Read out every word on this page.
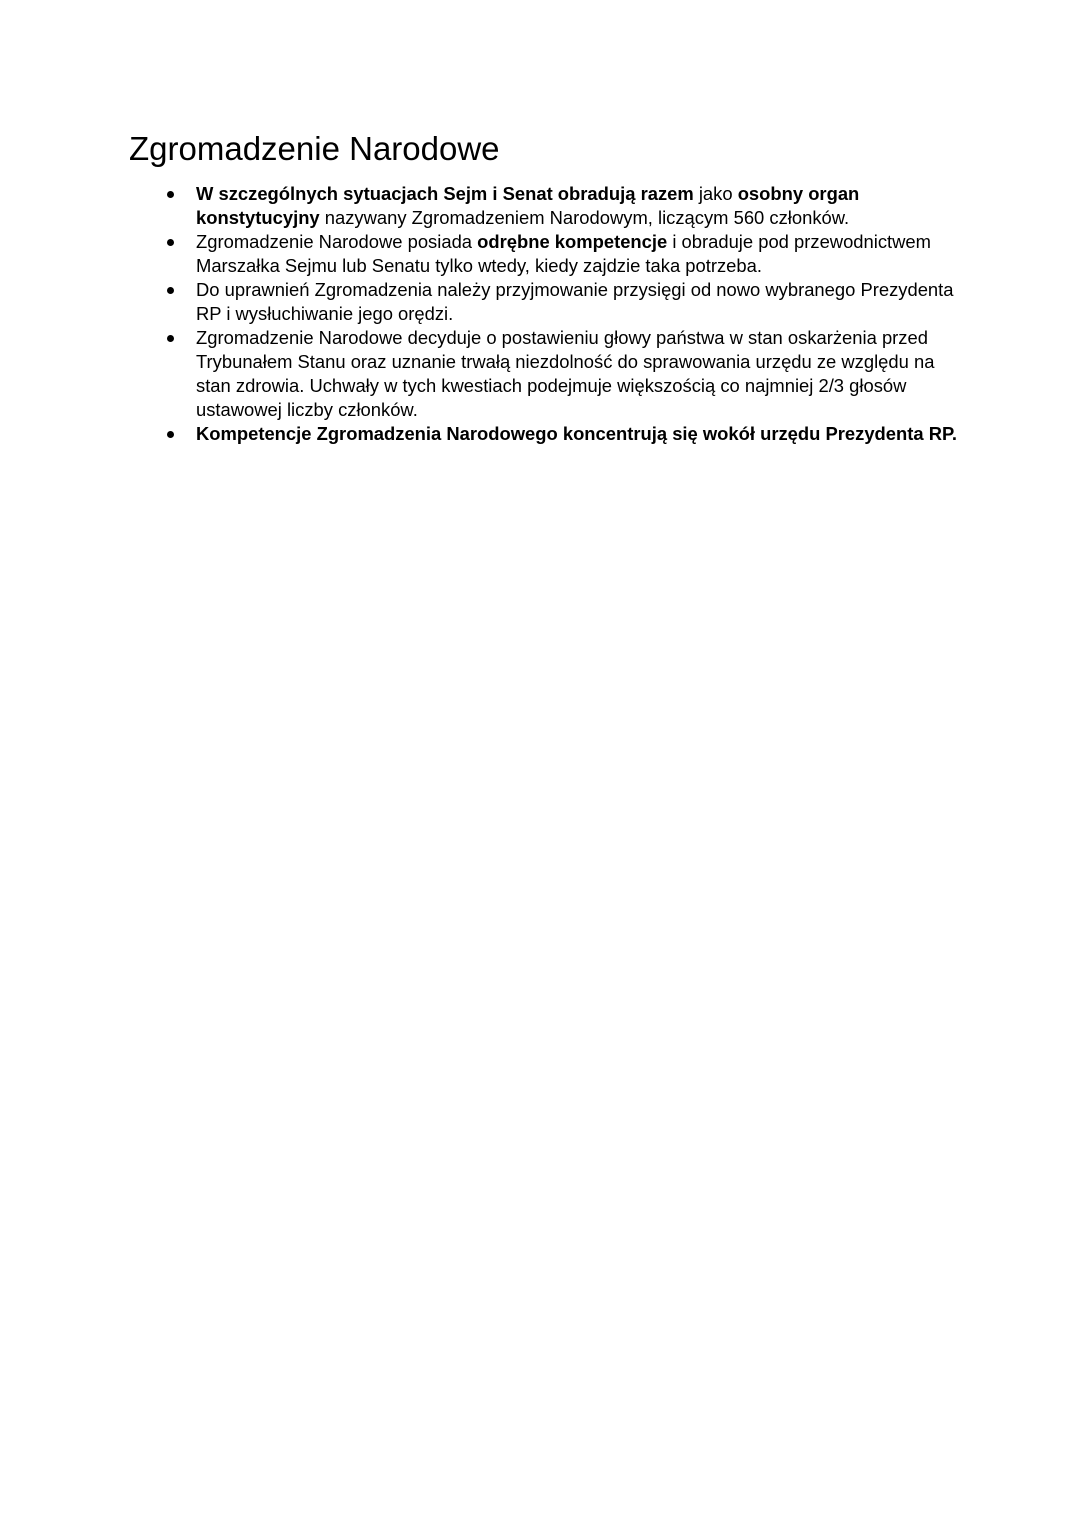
Zgromadzenie Narodowe
W szczególnych sytuacjach Sejm i Senat obradują razem jako osobny organ
konstytucyjny nazywany Zgromadzeniem Narodowym, liczącym 560 członków.
Zgromadzenie Narodowe posiada odrębne kompetencje i obraduje pod przewodnictwem
Marszałka Sejmu lub Senatu tylko wtedy, kiedy zajdzie taka potrzeba.
Do uprawnień Zgromadzenia należy przyjmowanie przysięgi od nowo wybranego Prezydenta
RP i wysłuchiwanie jego orędzi.
Zgromadzenie Narodowe decyduje o postawieniu głowy państwa w stan oskarżenia przed
Trybunałem Stanu oraz uznanie trwałą niezdolność do sprawowania urzędu ze względu na
stan zdrowia. Uchwały w tych kwestiach podejmuje większością co najmniej 2/3 głosów
ustawowej liczby członków.
Kompetencje Zgromadzenia Narodowego koncentrują się wokół urzędu Prezydenta RP.
